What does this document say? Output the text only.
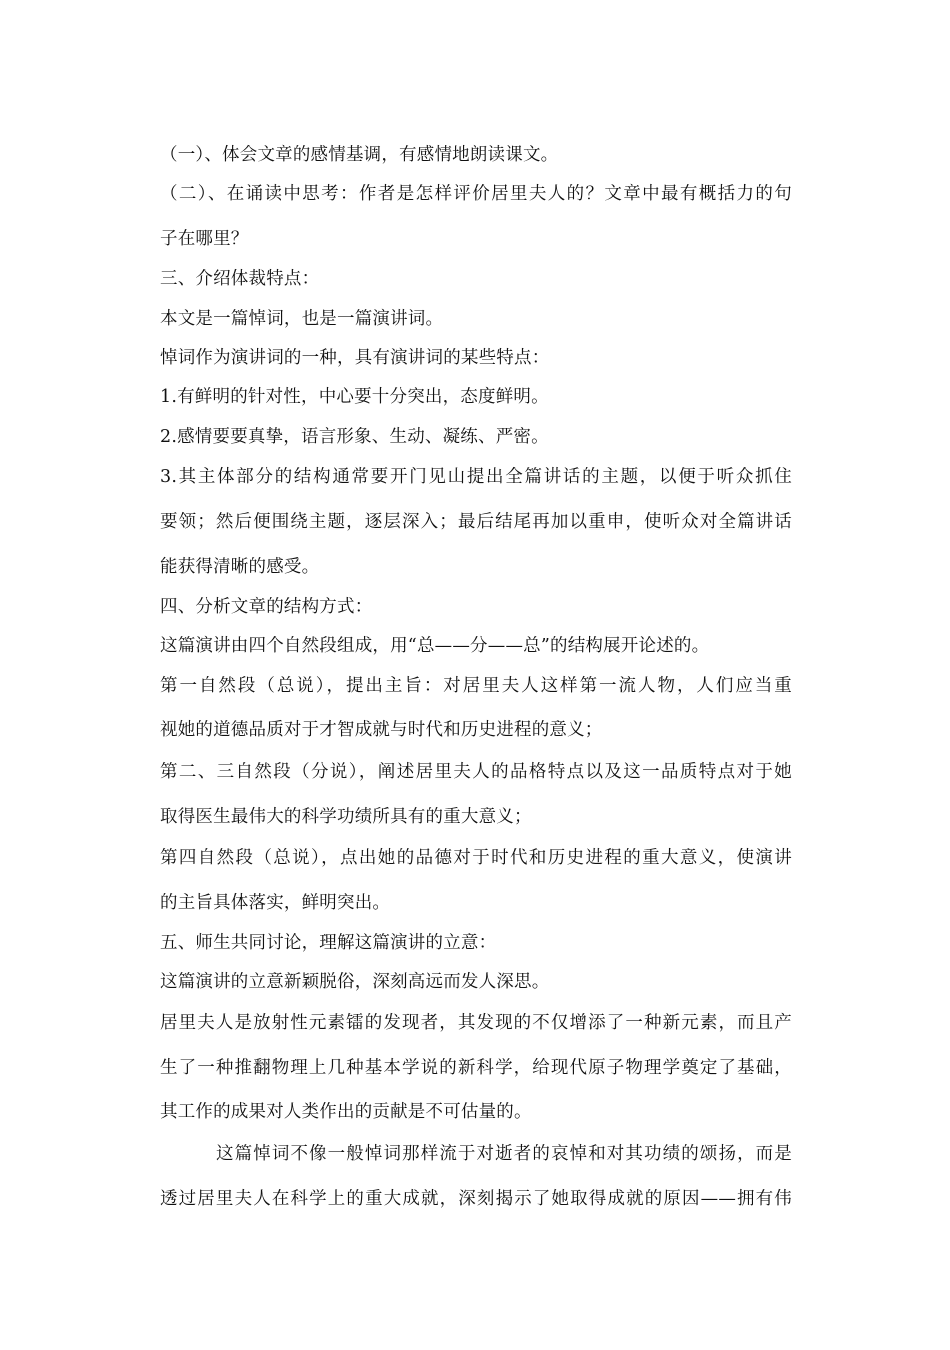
（一）、体会文章的感情基调，有感情地朗读课文。
（二）、在诵读中思考：作者是怎样评价居里夫人的？文章中最有概括力的句
子在哪里？
三、介绍体裁特点：
本文是一篇悼词，也是一篇演讲词。
悼词作为演讲词的一种，具有演讲词的某些特点：
1.有鲜明的针对性，中心要十分突出，态度鲜明。
2.感情要要真挚，语言形象、生动、凝练、严密。
3.其主体部分的结构通常要开门见山提出全篇讲话的主题，以便于听众抓住
要领；然后便围绕主题，逐层深入；最后结尾再加以重申，使听众对全篇讲话
能获得清晰的感受。
四、分析文章的结构方式：
这篇演讲由四个自然段组成，用“总——分——总”的结构展开论述的。
第一自然段（总说），提出主旨：对居里夫人这样第一流人物，人们应当重
视她的道德品质对于才智成就与时代和历史进程的意义；
第二、三自然段（分说），阐述居里夫人的品格特点以及这一品质特点对于她
取得医生最伟大的科学功绩所具有的重大意义；
第四自然段（总说），点出她的品德对于时代和历史进程的重大意义，使演讲
的主旨具体落实，鲜明突出。
五、师生共同讨论，理解这篇演讲的立意：
这篇演讲的立意新颖脱俗，深刻高远而发人深思。
居里夫人是放射性元素镭的发现者，其发现的不仅增添了一种新元素，而且产
生了一种推翻物理上几种基本学说的新科学，给现代原子物理学奠定了基础，
其工作的成果对人类作出的贡献是不可估量的。
这篇悼词不像一般悼词那样流于对逝者的哀悼和对其功绩的颂扬，而是
透过居里夫人在科学上的重大成就，深刻揭示了她取得成就的原因——拥有伟
